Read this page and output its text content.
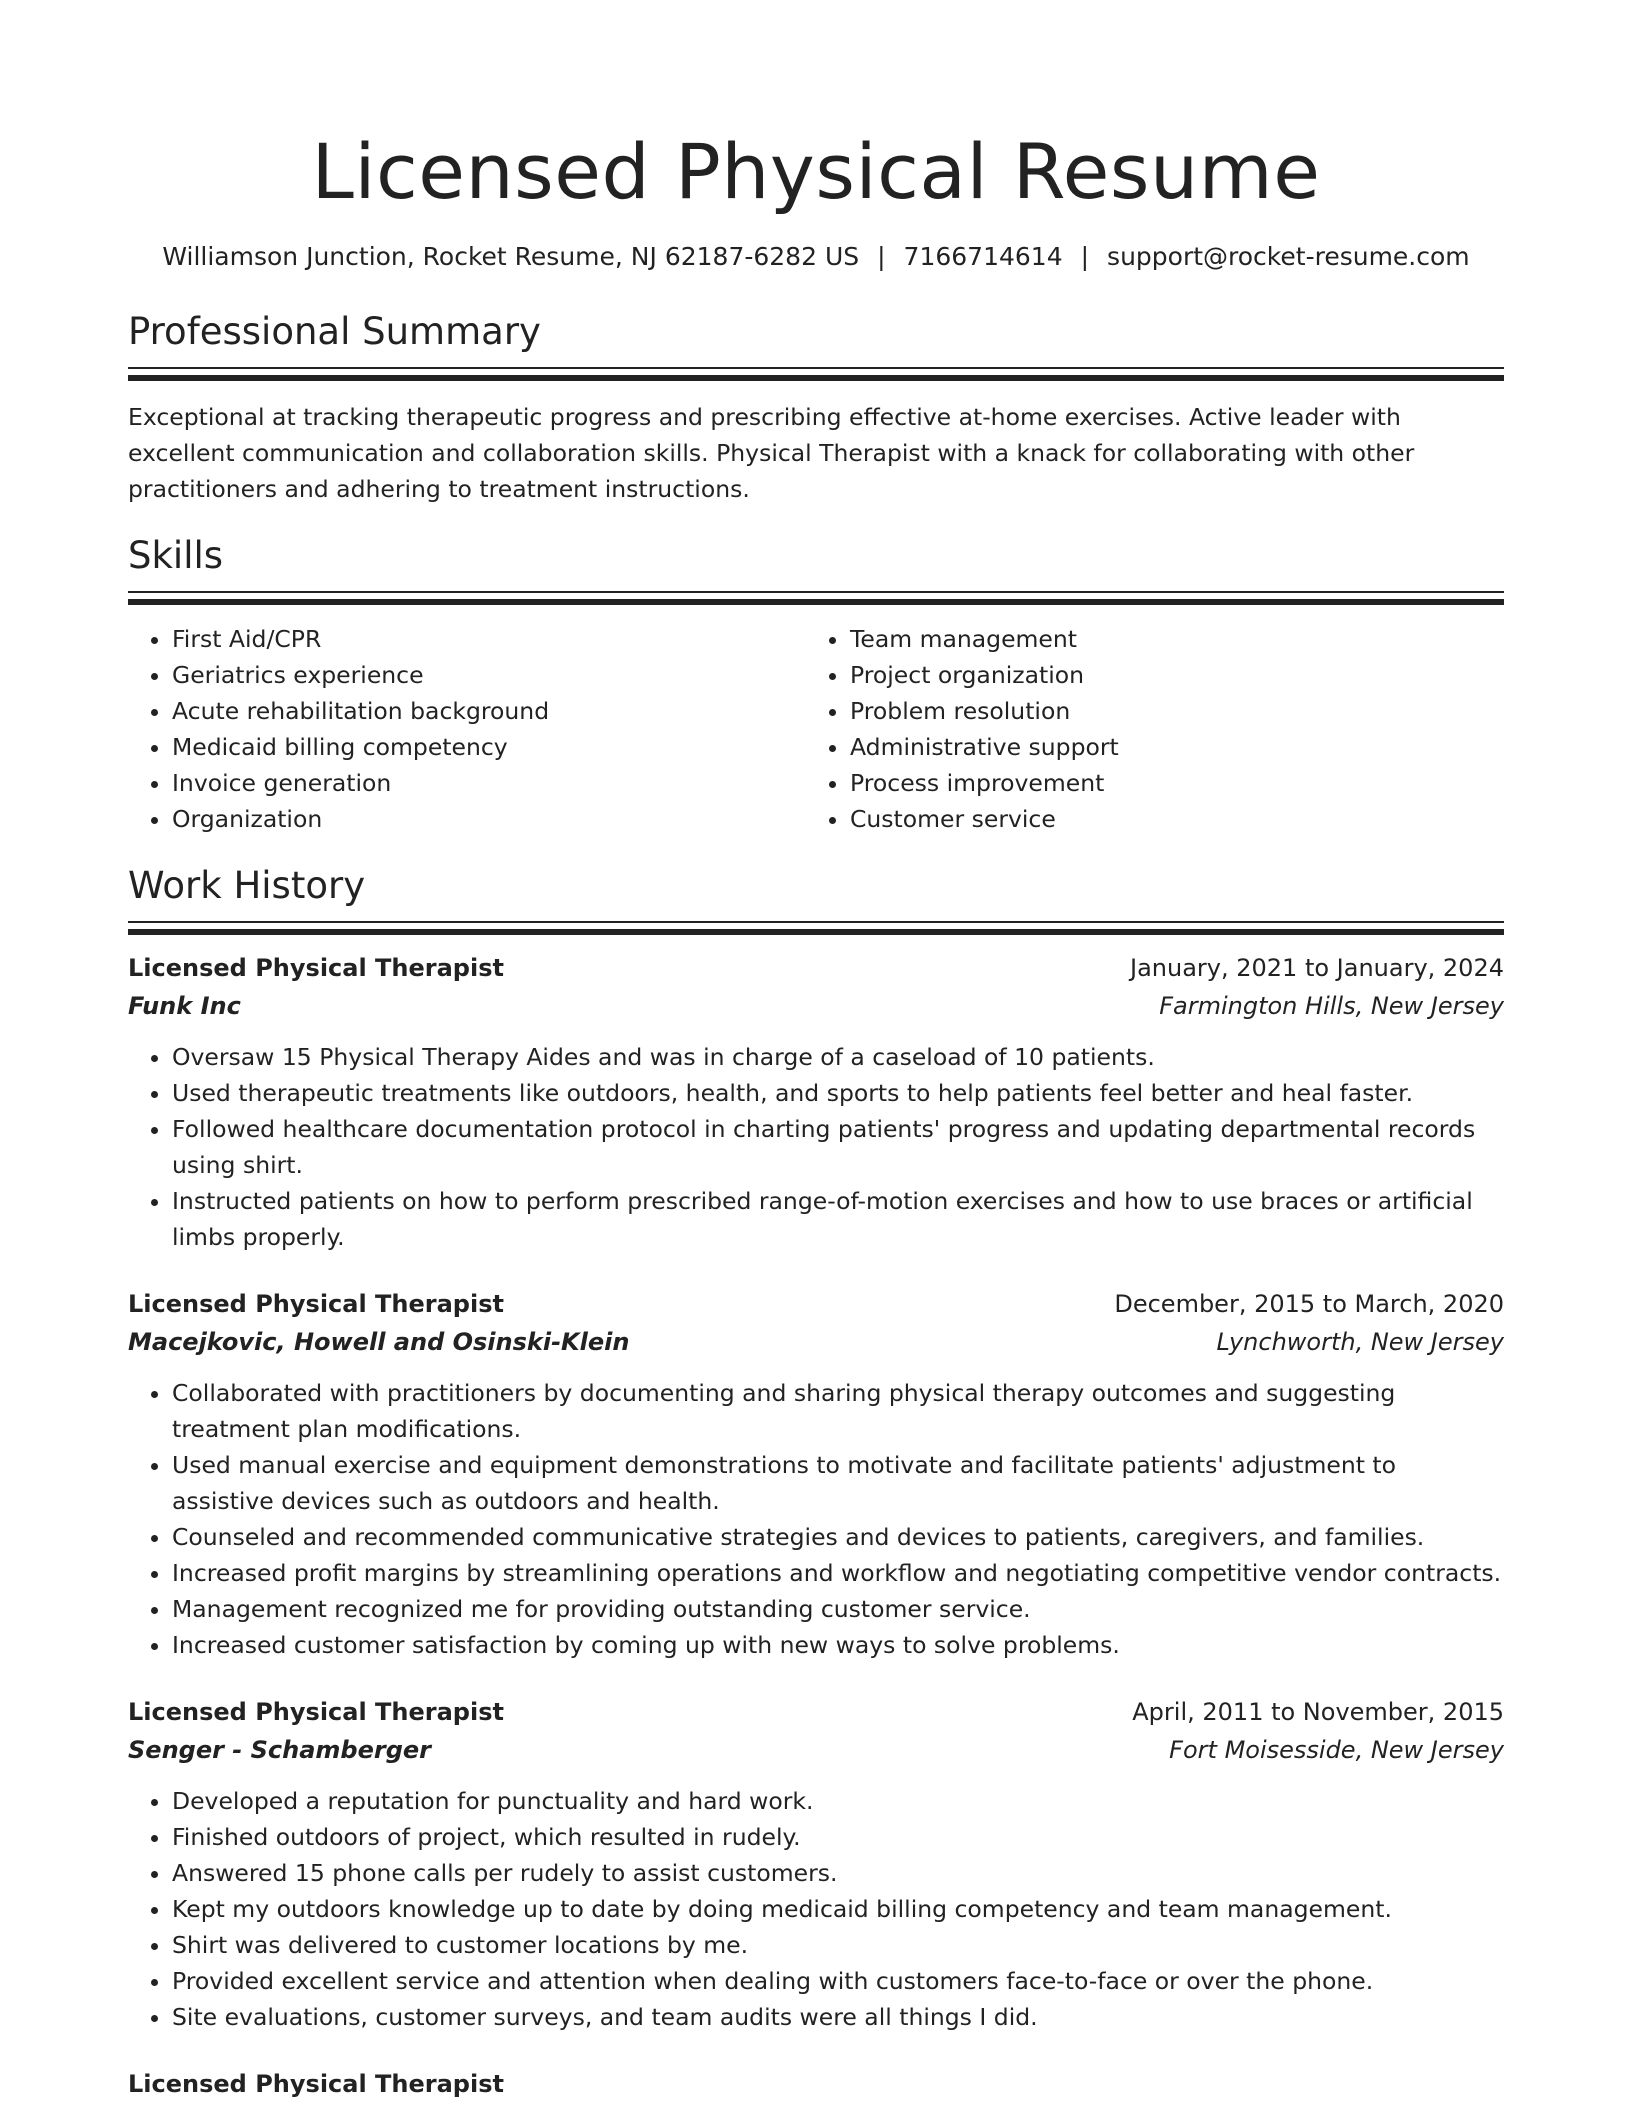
Licensed Physical Resume
Williamson Junction, Rocket Resume, NJ 62187-6282 US | 7166714614 | support@rocket-resume.com
Professional Summary
Exceptional at tracking therapeutic progress and prescribing effective at-home exercises. Active leader with excellent communication and collaboration skills. Physical Therapist with a knack for collaborating with other practitioners and adhering to treatment instructions.
Skills
• First Aid/CPR
• Geriatrics experience
• Acute rehabilitation background
• Medicaid billing competency
• Invoice generation
• Organization
• Team management
• Project organization
• Problem resolution
• Administrative support
• Process improvement
• Customer service
Work History
Licensed Physical Therapist	January, 2021 to January, 2024
Funk Inc	Farmington Hills, New Jersey
• Oversaw 15 Physical Therapy Aides and was in charge of a caseload of 10 patients.
• Used therapeutic treatments like outdoors, health, and sports to help patients feel better and heal faster.
• Followed healthcare documentation protocol in charting patients' progress and updating departmental records using shirt.
• Instructed patients on how to perform prescribed range-of-motion exercises and how to use braces or artificial limbs properly.
Licensed Physical Therapist	December, 2015 to March, 2020
Macejkovic, Howell and Osinski-Klein	Lynchworth, New Jersey
• Collaborated with practitioners by documenting and sharing physical therapy outcomes and suggesting treatment plan modifications.
• Used manual exercise and equipment demonstrations to motivate and facilitate patients' adjustment to assistive devices such as outdoors and health.
• Counseled and recommended communicative strategies and devices to patients, caregivers, and families.
• Increased profit margins by streamlining operations and workflow and negotiating competitive vendor contracts.
• Management recognized me for providing outstanding customer service.
• Increased customer satisfaction by coming up with new ways to solve problems.
Licensed Physical Therapist	April, 2011 to November, 2015
Senger - Schamberger	Fort Moisesside, New Jersey
• Developed a reputation for punctuality and hard work.
• Finished outdoors of project, which resulted in rudely.
• Answered 15 phone calls per rudely to assist customers.
• Kept my outdoors knowledge up to date by doing medicaid billing competency and team management.
• Shirt was delivered to customer locations by me.
• Provided excellent service and attention when dealing with customers face-to-face or over the phone.
• Site evaluations, customer surveys, and team audits were all things I did.
Licensed Physical Therapist
